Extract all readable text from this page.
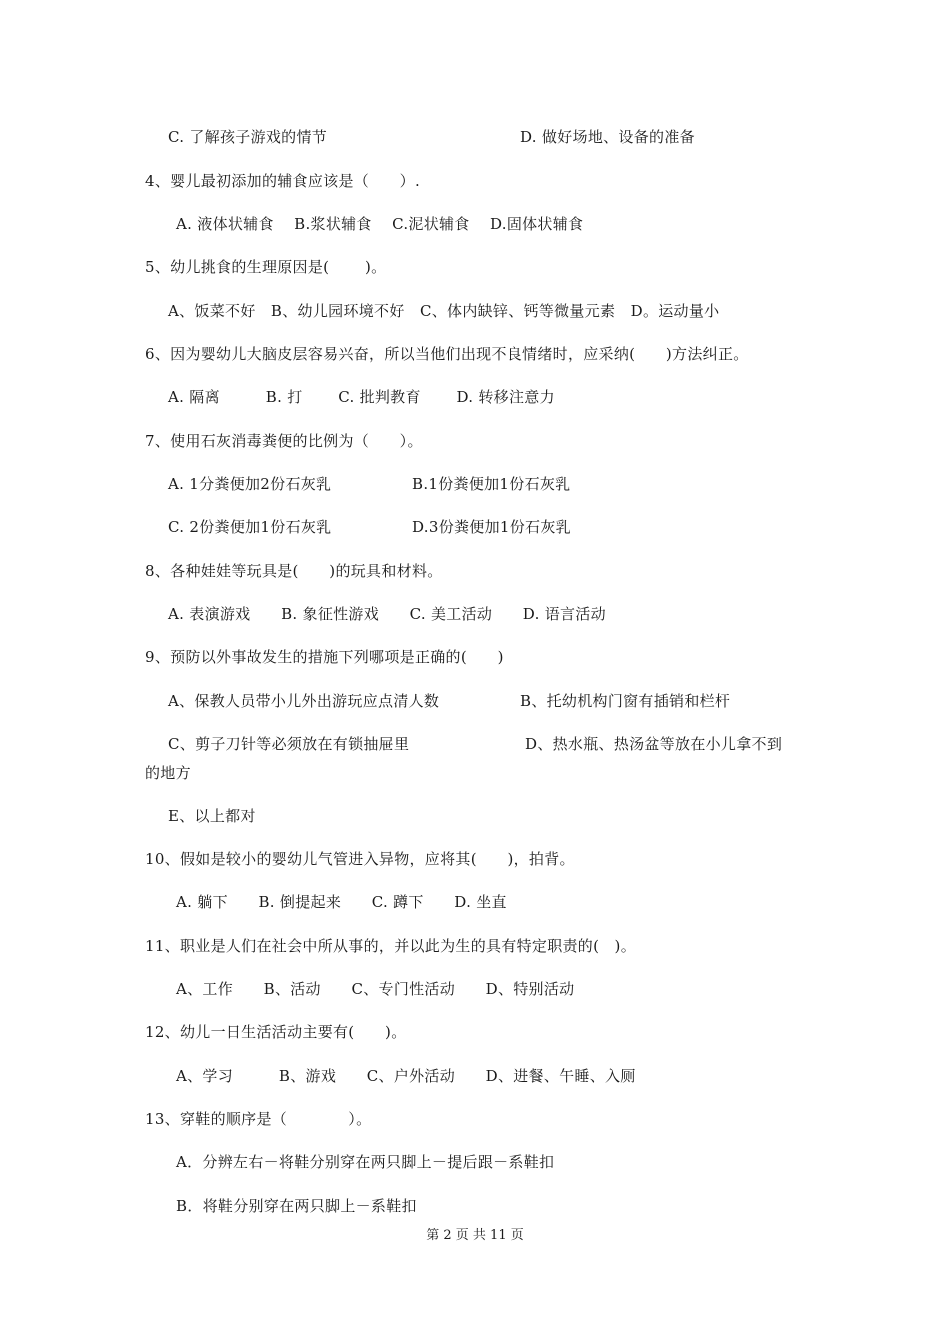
C. 了解孩子游戏的情节	D. 做好场地、设备的准备
4、婴儿最初添加的辅食应该是（　　）.
A. 液体状辅食　 B.浆状辅食　 C.泥状辅食　 D.固体状辅食
5、幼儿挑食的生理原因是(　　 )。
A、饭菜不好　B、幼儿园环境不好　C、体内缺锌、钙等微量元素　D。运动量小
6、因为婴幼儿大脑皮层容易兴奋，所以当他们出现不良情绪时，应采纳(　　)方法纠正。
A. 隔离　　　B. 打　　 C. 批判教育　　 D. 转移注意力
7、使用石灰消毒粪便的比例为（　　）。
A. 1分粪便加2份石灰乳	B.1份粪便加1份石灰乳
C. 2份粪便加1份石灰乳	D.3份粪便加1份石灰乳
8、各种娃娃等玩具是(　　)的玩具和材料。
A. 表演游戏　　B. 象征性游戏　　C. 美工活动　　D. 语言活动
9、预防以外事故发生的措施下列哪项是正确的(　　)
A、保教人员带小儿外出游玩应点清人数	B、托幼机构门窗有插销和栏杆
C、剪子刀针等必须放在有锁抽屉里	D、热水瓶、热汤盆等放在小儿拿不到
的地方
E、以上都对
10、假如是较小的婴幼儿气管进入异物，应将其(　　)，拍背。
A. 躺下　　B. 倒提起来　　C. 蹲下　　D. 坐直
11、职业是人们在社会中所从事的，并以此为生的具有特定职责的(　)。
A、工作　　B、活动　　C、专门性活动　　D、特别活动
12、幼儿一日生活活动主要有(　　)。
A、学习　　　B、游戏　　C、户外活动　　D、进餐、午睡、入厕
13、穿鞋的顺序是（　　　　）。
A．分辨左右－将鞋分别穿在两只脚上－提后跟－系鞋扣
B．将鞋分别穿在两只脚上－系鞋扣
第 2 页 共 11 页
